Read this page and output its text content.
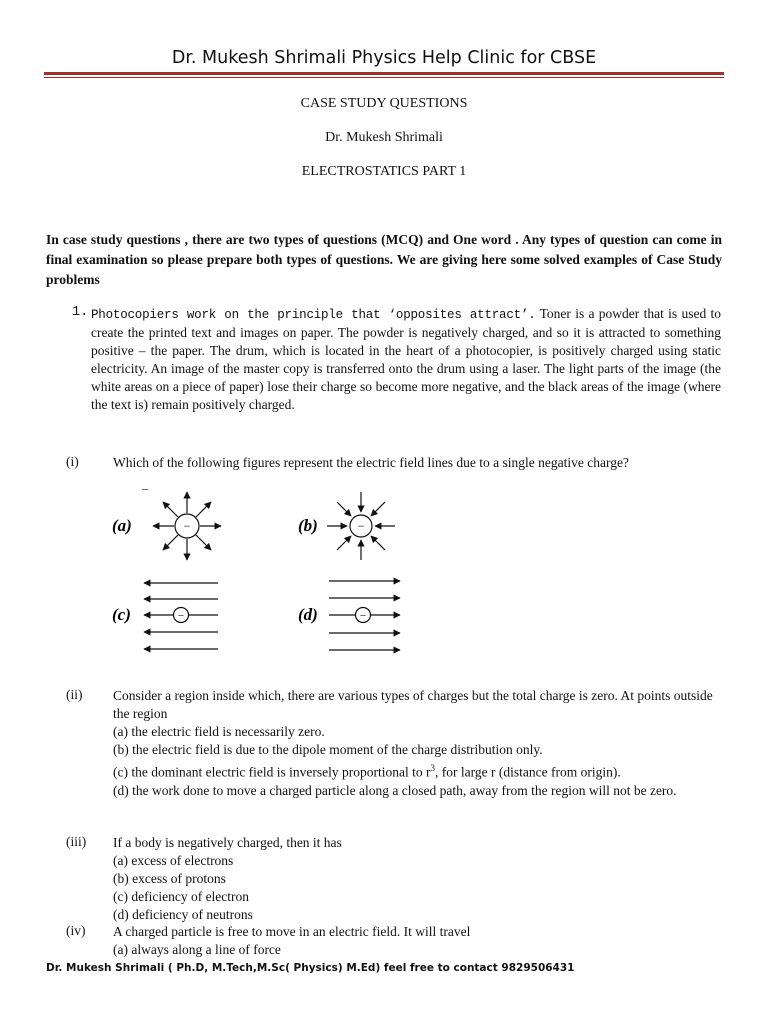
Dr. Mukesh Shrimali Physics Help Clinic for CBSE
CASE STUDY QUESTIONS
Dr. Mukesh Shrimali
ELECTROSTATICS PART 1
In case study questions , there are two types of questions (MCQ) and One word . Any types of question can come in final examination so please prepare both types of questions. We are giving here some solved examples of Case Study problems
1. Photocopiers work on the principle that ‘opposites attract’. Toner is a powder that is used to create the printed text and images on paper. The powder is negatively charged, and so it is attracted to something positive – the paper. The drum, which is located in the heart of a photocopier, is positively charged using static electricity. An image of the master copy is transferred onto the drum using a laser. The light parts of the image (the white areas on a piece of paper) lose their charge so become more negative, and the black areas of the image (where the text is) remain positively charged.
(i)	Which of the following figures represent the electric field lines due to a single negative charge?
–
(a)	−	(b)	−
(c)	−	(d)	−
(ii) Consider a region inside which, there are various types of charges but the total charge is zero. At points outside the region
(a) the electric field is necessarily zero.
(b) the electric field is due to the dipole moment of the charge distribution only.
(c) the dominant electric field is inversely proportional to $r^3$, for large r (distance from origin).
(d) the work done to move a charged particle along a closed path, away from the region will not be zero.
(iii) If a body is negatively charged, then it has
(a) excess of electrons
(b) excess of protons
(c) deficiency of electron
(d) deficiency of neutrons
(iv) A charged particle is free to move in an electric field. It will travel
(a) always along a line of force
Dr. Mukesh Shrimali ( Ph.D, M.Tech,M.Sc( Physics) M.Ed) feel free to contact 9829506431
